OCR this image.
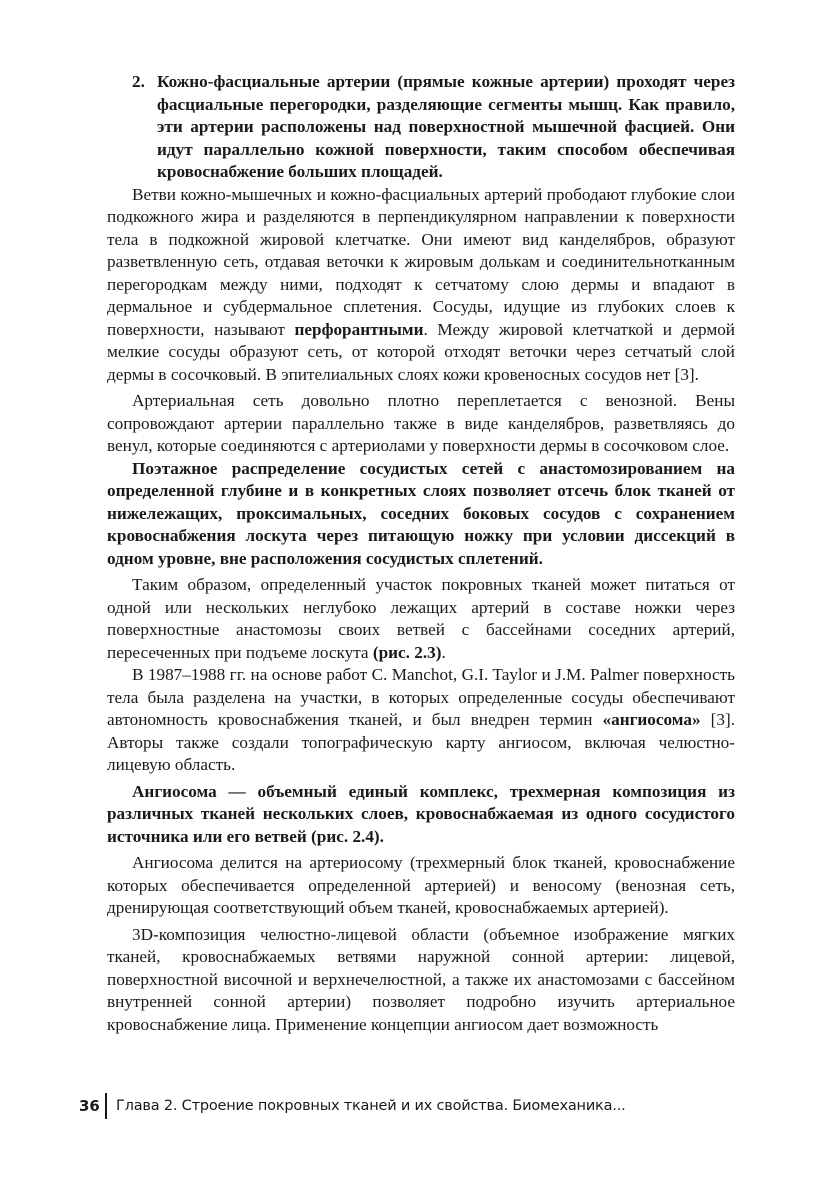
2. Кожно-фасциальные артерии (прямые кожные артерии) проходят через фасциальные перегородки, разделяющие сегменты мышц. Как правило, эти артерии расположены над поверхностной мышечной фасцией. Они идут параллельно кожной поверхности, таким способом обеспечивая кровоснабжение больших площадей.

Ветви кожно-мышечных и кожно-фасциальных артерий прободают глубокие слои подкожного жира и разделяются в перпендикулярном направлении к поверхности тела в подкожной жировой клетчатке. Они имеют вид канделябров, образуют разветвленную сеть, отдавая веточки к жировым долькам и соединительнотканным перегородкам между ними, подходят к сетчатому слою дермы и впадают в дермальное и субдермальное сплетения. Сосуды, идущие из глубоких слоев к поверхности, называют перфорантными. Между жировой клетчаткой и дермой мелкие сосуды образуют сеть, от которой отходят веточки через сетчатый слой дермы в сосочковый. В эпителиальных слоях кожи кровеносных сосудов нет [3].

Артериальная сеть довольно плотно переплетается с венозной. Вены сопровождают артерии параллельно также в виде канделябров, разветвляясь до венул, которые соединяются с артериолами у поверхности дермы в сосочковом слое.

Поэтажное распределение сосудистых сетей с анастомозированием на определенной глубине и в конкретных слоях позволяет отсечь блок тканей от нижележащих, проксимальных, соседних боковых сосудов с сохранением кровоснабжения лоскута через питающую ножку при условии диссекций в одном уровне, вне расположения сосудистых сплетений.

Таким образом, определенный участок покровных тканей может питаться от одной или нескольких неглубоко лежащих артерий в составе ножки через поверхностные анастомозы своих ветвей с бассейнами соседних артерий, пересеченных при подъеме лоскута (рис. 2.3).

В 1987–1988 гг. на основе работ C. Manchot, G.I. Taylor и J.M. Palmer поверхность тела была разделена на участки, в которых определенные сосуды обеспечивают автономность кровоснабжения тканей, и был внедрен термин «ангиосома» [3]. Авторы также создали топографическую карту ангиосом, включая челюстно-лицевую область.

Ангиосома — объемный единый комплекс, трехмерная композиция из различных тканей нескольких слоев, кровоснабжаемая из одного сосудистого источника или его ветвей (рис. 2.4).

Ангиосома делится на артериосому (трехмерный блок тканей, кровоснабжение которых обеспечивается определенной артерией) и веносому (венозная сеть, дренирующая соответствующий объем тканей, кровоснабжаемых артерией).

3D-композиция челюстно-лицевой области (объемное изображение мягких тканей, кровоснабжаемых ветвями наружной сонной артерии: лицевой, поверхностной височной и верхнечелюстной, а также их анастомозами с бассейном внутренней сонной артерии) позволяет подробно изучить артериальное кровоснабжение лица. Применение концепции ангиосом дает возможность

36 Глава 2. Строение покровных тканей и их свойства. Биомеханика...
